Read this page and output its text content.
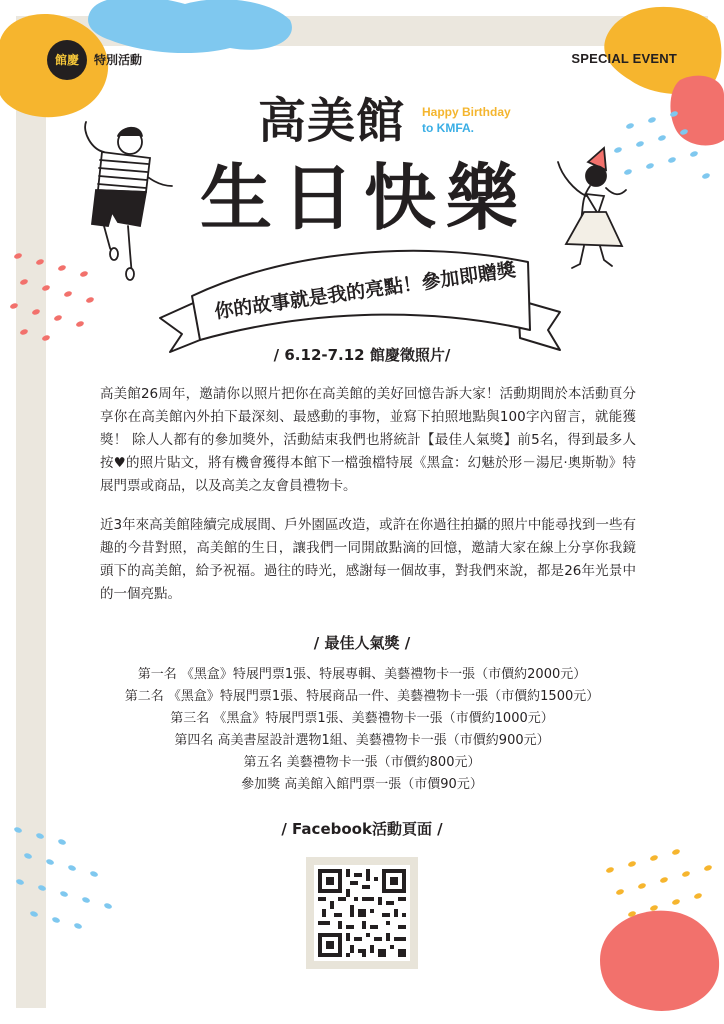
館慶	特別活動	SPECIAL EVENT
高美館 Happy Birthday
to KMFA.
生日快樂
你的故事就是我的亮點！參加即贈獎
/ 6.12-7.12 館慶徵照片/
高美館26周年，邀請你以照片把你在高美館的美好回憶告訴大家！活動期間於本活動頁分享你在高美館內外拍下最深刻、最感動的事物，並寫下拍照地點與100字內留言，就能獲獎！ 除人人都有的參加獎外，活動結束我們也將統計【最佳人氣獎】前5名，得到最多人按♥的照片貼文，將有機會獲得本館下一檔強檔特展《黑盒：幻魅於形－湯尼‧奧斯勒》特展門票或商品，以及高美之友會員禮物卡。
近3年來高美館陸續完成展間、戶外園區改造，或許在你過往拍攝的照片中能尋找到一些有趣的今昔對照，高美館的生日，讓我們一同開啟點滴的回憶，邀請大家在線上分享你我鏡頭下的高美館，給予祝福。過往的時光，感謝每一個故事，對我們來說，都是26年光景中的一個亮點。
/ 最佳人氣獎 /
第一名 《黑盒》特展門票1張、特展專輯、美藝禮物卡一張（市價約2000元）
第二名 《黑盒》特展門票1張、特展商品一件、美藝禮物卡一張（市價約1500元）
第三名 《黑盒》特展門票1張、美藝禮物卡一張（市價約1000元）
第四名 高美書屋設計選物1組、美藝禮物卡一張（市價約900元）
第五名 美藝禮物卡一張（市價約800元）
參加獎 高美館入館門票一張（市價90元）
/ Facebook活動頁面 /
